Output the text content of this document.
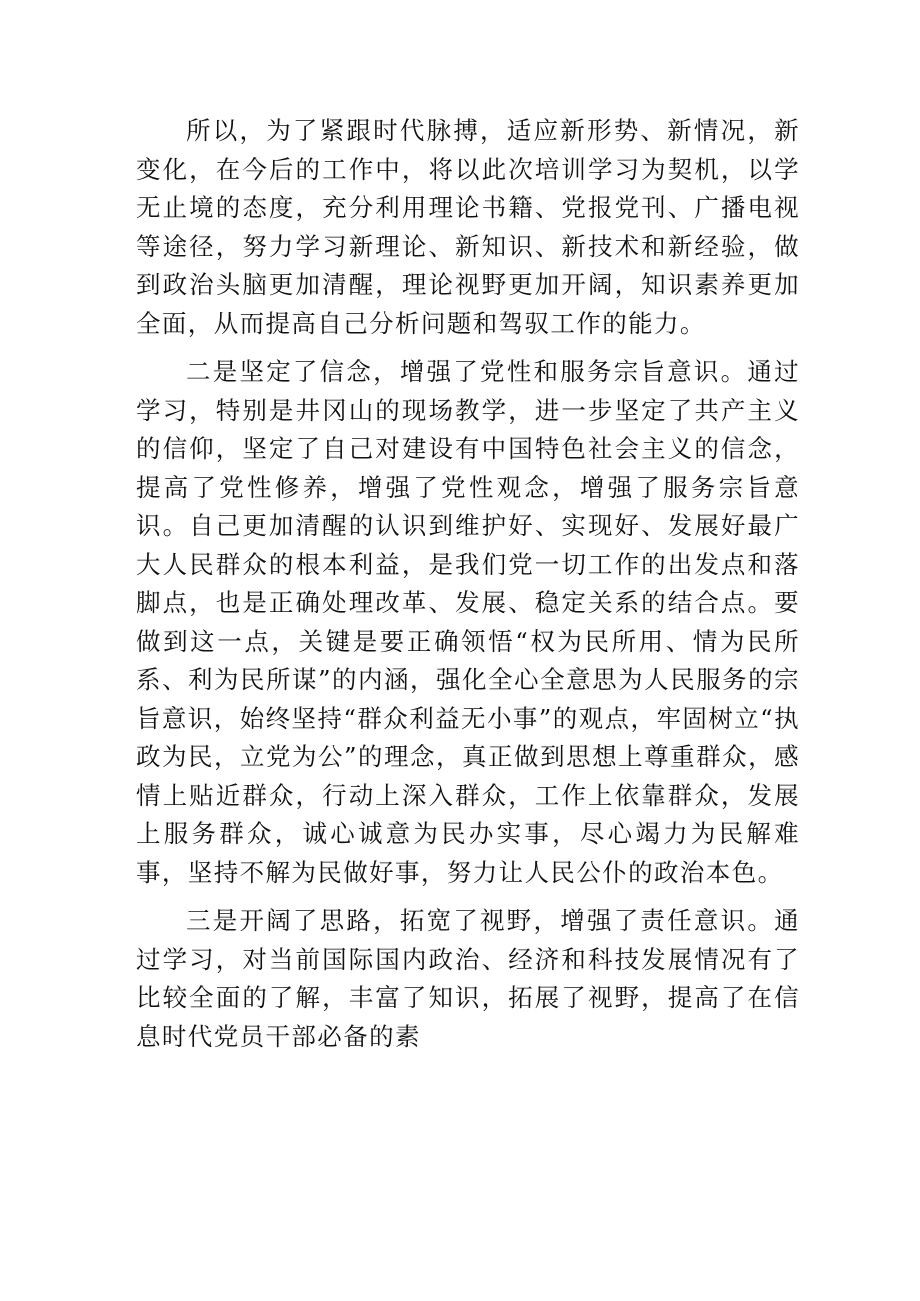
所以，为了紧跟时代脉搏，适应新形势、新情况，新变化，在今后的工作中，将以此次培训学习为契机，以学无止境的态度，充分利用理论书籍、党报党刊、广播电视等途径，努力学习新理论、新知识、新技术和新经验，做到政治头脑更加清醒，理论视野更加开阔，知识素养更加全面，从而提高自己分析问题和驾驭工作的能力。

二是坚定了信念，增强了党性和服务宗旨意识。通过学习，特别是井冈山的现场教学，进一步坚定了共产主义的信仰，坚定了自己对建设有中国特色社会主义的信念，提高了党性修养，增强了党性观念，增强了服务宗旨意识。自己更加清醒的认识到维护好、实现好、发展好最广大人民群众的根本利益，是我们党一切工作的出发点和落脚点，也是正确处理改革、发展、稳定关系的结合点。要做到这一点，关键是要正确领悟“权为民所用、情为民所系、利为民所谋”的内涵，强化全心全意思为人民服务的宗旨意识，始终坚持“群众利益无小事”的观点，牢固树立“执政为民，立党为公”的理念，真正做到思想上尊重群众，感情上贴近群众，行动上深入群众，工作上依靠群众，发展上服务群众，诚心诚意为民办实事，尽心竭力为民解难事，坚持不解为民做好事，努力让人民公仆的政治本色。

三是开阔了思路，拓宽了视野，增强了责任意识。通过学习，对当前国际国内政治、经济和科技发展情况有了比较全面的了解，丰富了知识，拓展了视野，提高了在信息时代党员干部必备的素
